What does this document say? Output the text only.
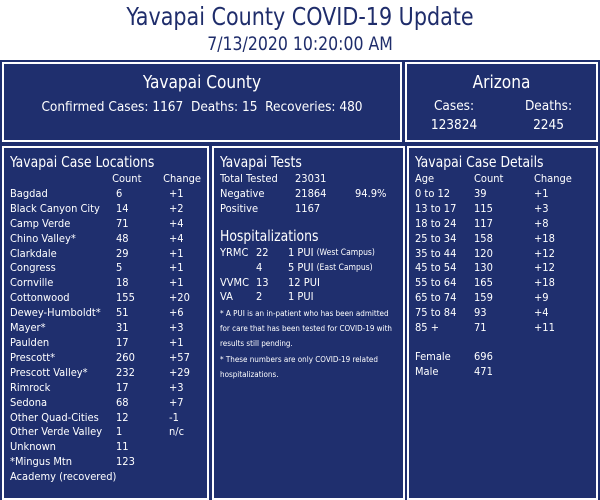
Yavapai County COVID-19 Update
7/13/2020 10:20:00 AM
Yavapai County
Confirmed Cases: 1167 Deaths: 15 Recoveries: 480
Arizona
Cases:
123824
Deaths:
2245
Yavapai Case Locations
Count	Change
Bagdad	6	+1
Black Canyon City	14	+2
Camp Verde	71	+4
Chino Valley*	48	+4
Clarkdale	29	+1
Congress	5	+1
Cornville	18	+1
Cottonwood	155	+20
Dewey-Humboldt*	51	+6
Mayer*	31	+3
Paulden	17	+1
Prescott*	260	+57
Prescott Valley*	232	+29
Rimrock	17	+3
Sedona	68	+7
Other Quad-Cities	12	-1
Other Verde Valley	1	n/c
Unknown	11
*Mingus Mtn	123
Academy (recovered)
Yavapai Tests
Total Tested	23031
Negative	21864	94.9%
Positive	1167
Hospitalizations
YRMC 22	1 PUI (West Campus)
4	5 PUI (East Campus)
VVMC 13	12 PUI
VA	2	1 PUI
* A PUI is an in-patient who has been admitted for care that has been tested for COVID-19 with results still pending.
* These numbers are only COVID-19 related hospitalizations.
Yavapai Case Details
Age	Count	Change
0 to 12	39	+1
13 to 17	115	+3
18 to 24	117	+8
25 to 34	158	+18
35 to 44	120	+12
45 to 54	130	+12
55 to 64	165	+18
65 to 74	159	+9
75 to 84	93	+4
85 +	71	+11
Female	696
Male	471
